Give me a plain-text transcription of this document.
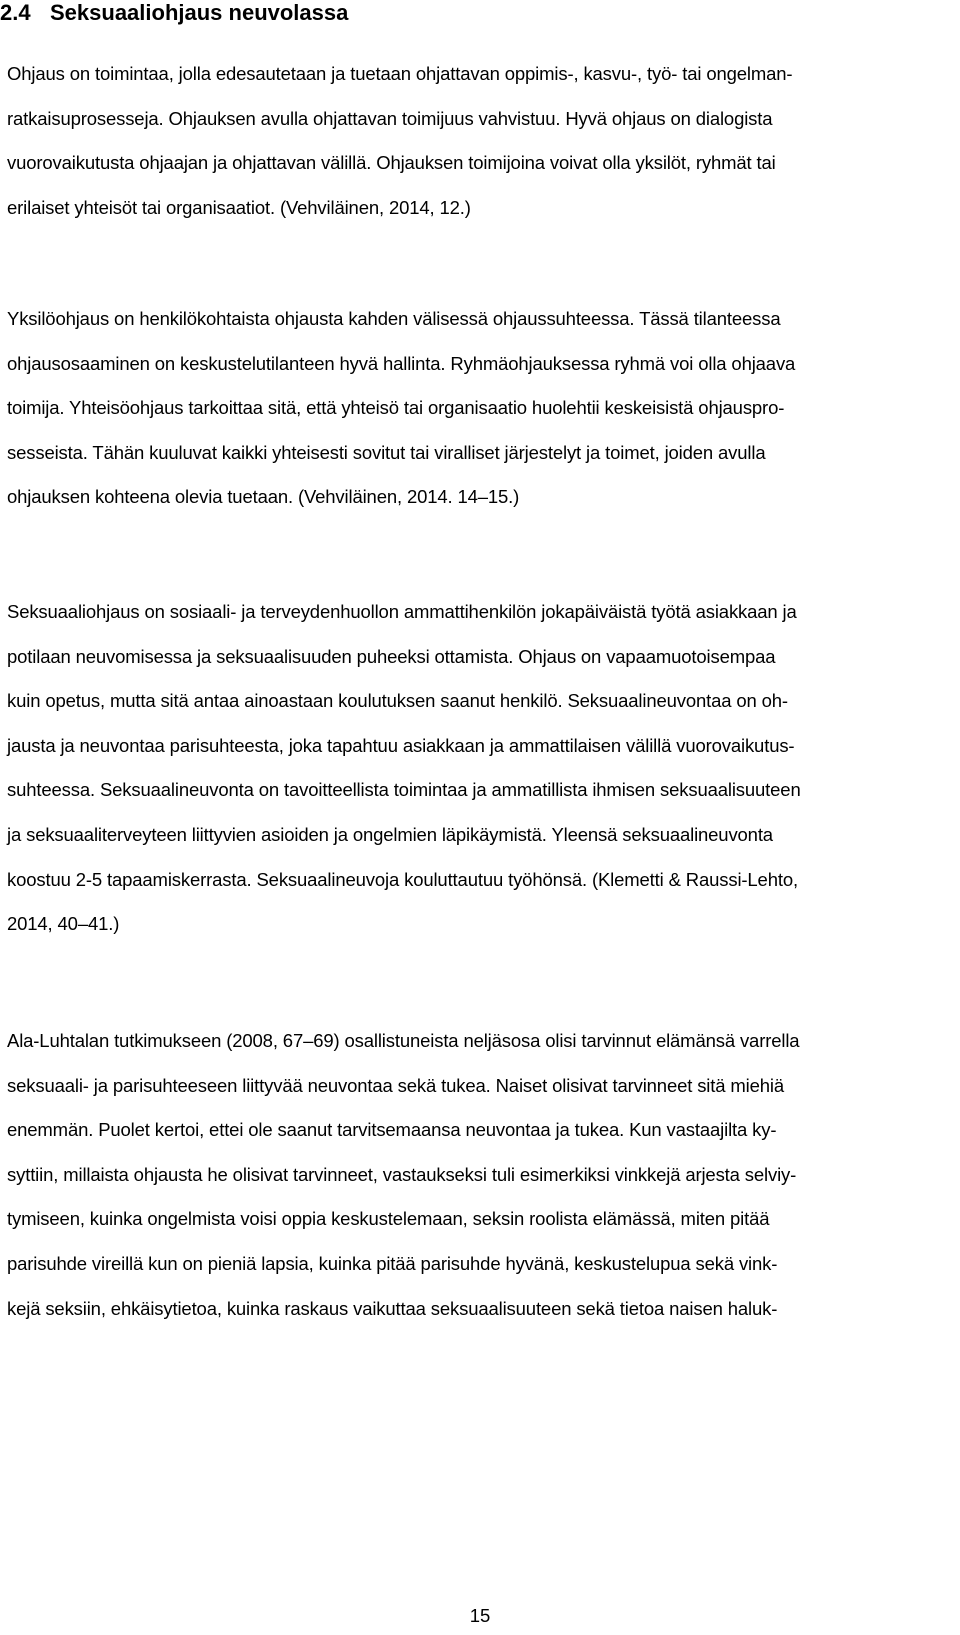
2.4 Seksuaaliohjaus neuvolassa
Ohjaus on toimintaa, jolla edesautetaan ja tuetaan ohjattavan oppimis-, kasvu-, työ- tai ongelman-
ratkaisuprosesseja. Ohjauksen avulla ohjattavan toimijuus vahvistuu. Hyvä ohjaus on dialogista
vuorovaikutusta ohjaajan ja ohjattavan välillä. Ohjauksen toimijoina voivat olla yksilöt, ryhmät tai
erilaiset yhteisöt tai organisaatiot. (Vehviläinen, 2014, 12.)
Yksilöohjaus on henkilökohtaista ohjausta kahden välisessä ohjaussuhteessa. Tässä tilanteessa
ohjausosaaminen on keskustelutilanteen hyvä hallinta. Ryhmäohjauksessa ryhmä voi olla ohjaava
toimija. Yhteisöohjaus tarkoittaa sitä, että yhteisö tai organisaatio huolehtii keskeisistä ohjauspro-
sesseista. Tähän kuuluvat kaikki yhteisesti sovitut tai viralliset järjestelyt ja toimet, joiden avulla
ohjauksen kohteena olevia tuetaan. (Vehviläinen, 2014. 14–15.)
Seksuaaliohjaus on sosiaali- ja terveydenhuollon ammattihenkilön jokapäiväistä työtä asiakkaan ja
potilaan neuvomisessa ja seksuaalisuuden puheeksi ottamista. Ohjaus on vapaamuotoisempaa
kuin opetus, mutta sitä antaa ainoastaan koulutuksen saanut henkilö. Seksuaalineuvontaa on oh-
jausta ja neuvontaa parisuhteesta, joka tapahtuu asiakkaan ja ammattilaisen välillä vuorovaikutus-
suhteessa. Seksuaalineuvonta on tavoitteellista toimintaa ja ammatillista ihmisen seksuaalisuuteen
ja seksuaaliterveyteen liittyvien asioiden ja ongelmien läpikäymistä. Yleensä seksuaalineuvonta
koostuu 2-5 tapaamiskerrasta. Seksuaalineuvoja kouluttautuu työhönsä. (Klemetti & Raussi-Lehto,
2014, 40–41.)
Ala-Luhtalan tutkimukseen (2008, 67–69) osallistuneista neljäsosa olisi tarvinnut elämänsä varrella
seksuaali- ja parisuhteeseen liittyvää neuvontaa sekä tukea. Naiset olisivat tarvinneet sitä miehiä
enemmän. Puolet kertoi, ettei ole saanut tarvitsemaansa neuvontaa ja tukea. Kun vastaajilta ky-
syttiin, millaista ohjausta he olisivat tarvinneet, vastaukseksi tuli esimerkiksi vinkkejä arjesta selviy-
tymiseen, kuinka ongelmista voisi oppia keskustelemaan, seksin roolista elämässä, miten pitää
parisuhde vireillä kun on pieniä lapsia, kuinka pitää parisuhde hyvänä, keskustelupua sekä vink-
kejä seksiin, ehkäisytietoa, kuinka raskaus vaikuttaa seksuaalisuuteen sekä tietoa naisen haluk-
15
